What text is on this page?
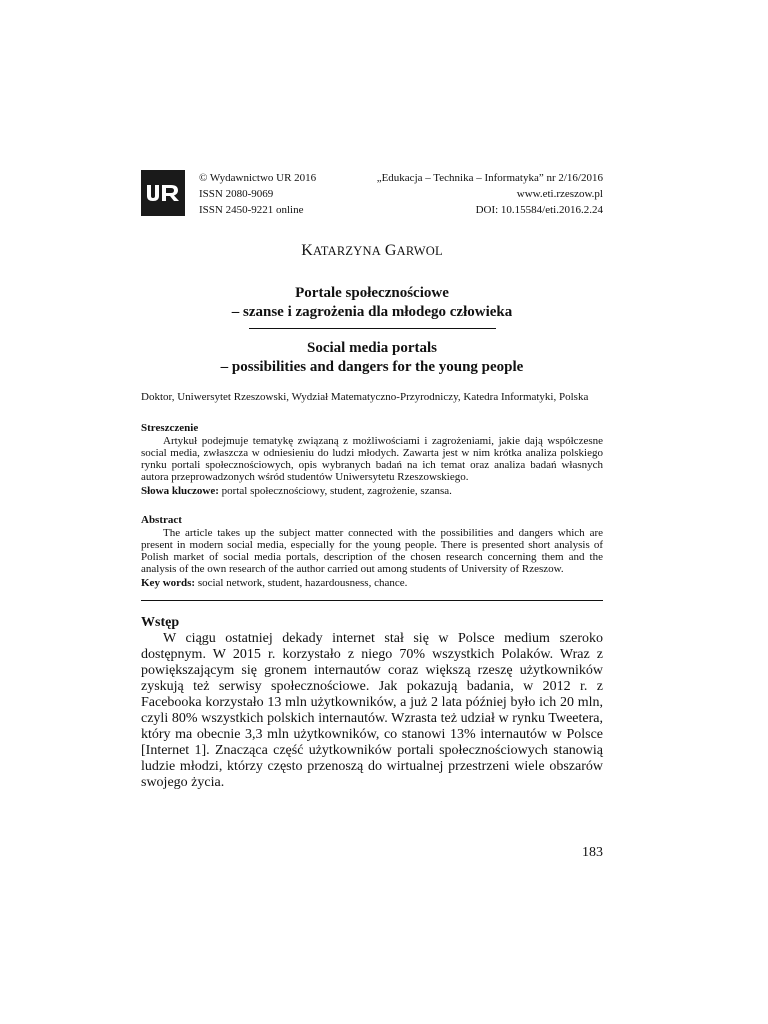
© Wydawnictwo UR 2016
ISSN 2080-9069
ISSN 2450-9221 online
„Edukacja – Technika – Informatyka” nr 2/16/2016
www.eti.rzeszow.pl
DOI: 10.15584/eti.2016.2.24
KATARZYNA GARWOL
Portale społecznościowe
– szanse i zagrożenia dla młodego człowieka
Social media portals
– possibilities and dangers for the young people
Doktor, Uniwersytet Rzeszowski, Wydział Matematyczno-Przyrodniczy, Katedra Informatyki, Polska
Streszczenie
Artykuł podejmuje tematykę związaną z możliwościami i zagrożeniami, jakie dają współczesne social media, zwłaszcza w odniesieniu do ludzi młodych. Zawarta jest w nim krótka analiza polskiego rynku portali społecznościowych, opis wybranych badań na ich temat oraz analiza badań własnych autora przeprowadzonych wśród studentów Uniwersytetu Rzeszowskiego.
Słowa kluczowe: portal społecznościowy, student, zagrożenie, szansa.
Abstract
The article takes up the subject matter connected with the possibilities and dangers which are present in modern social media, especially for the young people. There is presented short analysis of Polish market of social media portals, description of the chosen research concerning them and the analysis of the own research of the author carried out among students of University of Rzeszow.
Key words: social network, student, hazardousness, chance.
Wstęp
W ciągu ostatniej dekady internet stał się w Polsce medium szeroko dostępnym. W 2015 r. korzystało z niego 70% wszystkich Polaków. Wraz z powiększającym się gronem internautów coraz większą rzeszę użytkowników zyskują też serwisy społecznościowe. Jak pokazują badania, w 2012 r. z Facebooka korzystało 13 mln użytkowników, a już 2 lata później było ich 20 mln, czyli 80% wszystkich polskich internautów. Wzrasta też udział w rynku Tweetera, który ma obecnie 3,3 mln użytkowników, co stanowi 13% internautów w Polsce [Internet 1]. Znacząca część użytkowników portali społecznościowych stanowią ludzie młodzi, którzy często przenoszą do wirtualnej przestrzeni wiele obszarów swojego życia.
183
